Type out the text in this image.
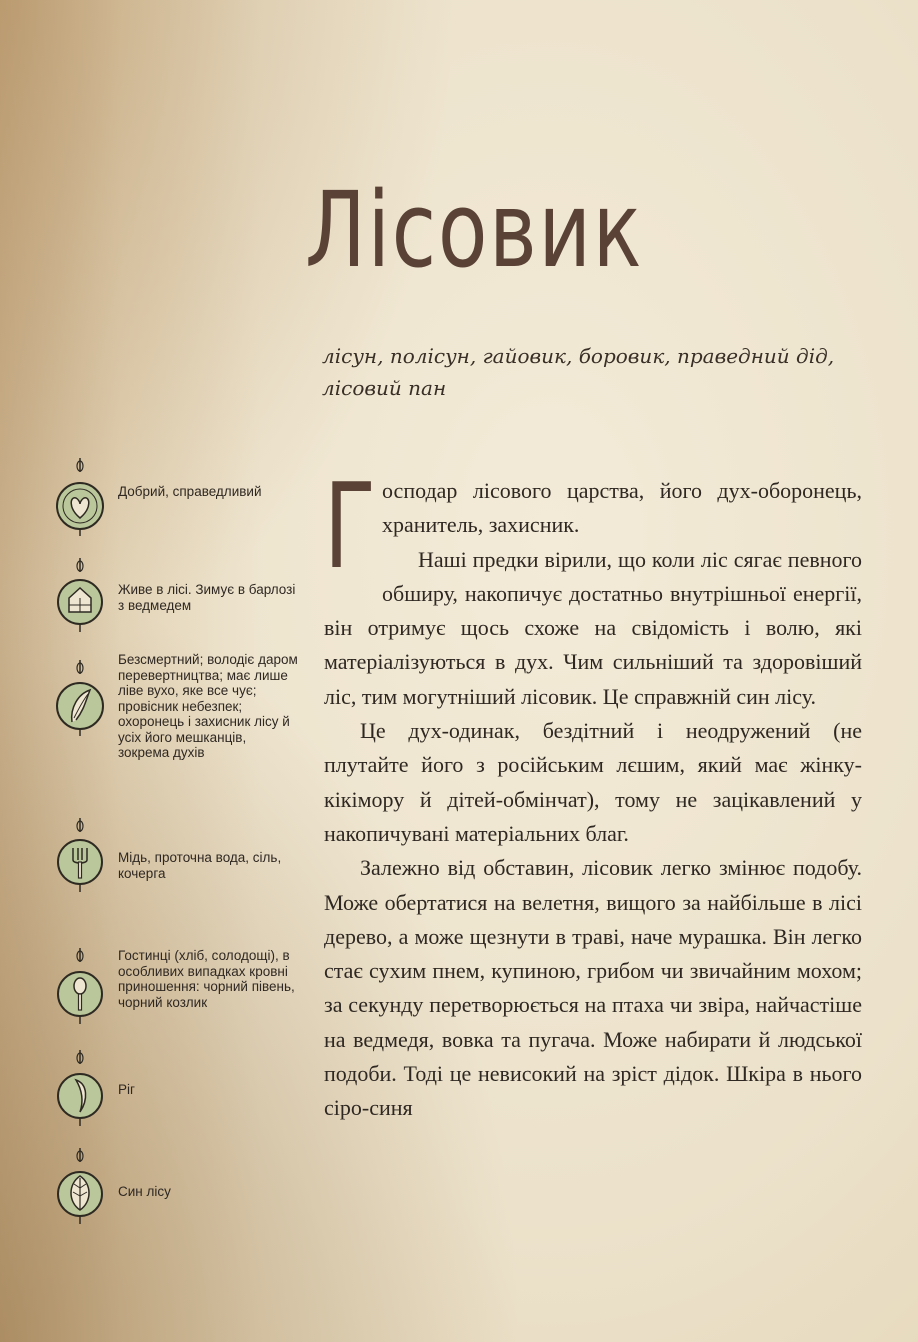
Лісовик
лісун, полісун, гайовик, боровик, праведний дід, лісовий пан
Добрий, справедливий
Живе в лісі. Зимує в барлозі з ведмедем
Безсмертний; володіє даром перевертництва; має лише ліве вухо, яке все чує; провісник небезпек; охоронець і захисник лісу й усіх його мешканців, зокрема духів
Мідь, проточна вода, сіль, кочерга
Гостинці (хліб, солодощі), в особливих випадках кровні приношення: чорний півень, чорний козлик
Ріг
Син лісу

Господар лісового царства, його дух-оборонець, хранитель, захисник.

Наші предки вірили, що коли ліс сягає певного обширу, накопичує достатньо внутрішньої енергії, він отримує щось схоже на свідомість і волю, які матеріалізуються в дух. Чим сильніший та здоровіший ліс, тим могутніший лісовик. Це справжній син лісу.

Це дух-одинак, бездітний і неодружений (не плутайте його з російським лєшим, який має жінку-кікімору й дітей-обмінчат), тому не зацікавлений у накопичувані матеріальних благ.

Залежно від обставин, лісовик легко змінює подобу. Може обертатися на велетня, вищого за найбільше в лісі дерево, а може щезнути в траві, наче мурашка. Він легко стає сухим пнем, купиною, грибом чи звичайним мохом; за секунду перетворюється на птаха чи звіра, найчастіше на ведмедя, вовка та пугача. Може набирати й людської подоби. Тоді це невисокий на зріст дідок. Шкіра в нього сіро-синя
